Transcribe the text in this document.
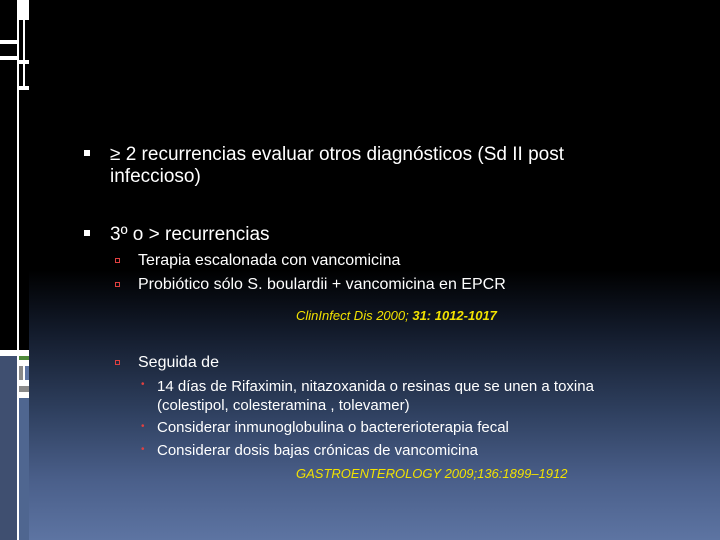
≥ 2 recurrencias evaluar otros diagnósticos (Sd II post
infeccioso)
3º o > recurrencias
Terapia escalonada con vancomicina
Probiótico sólo S. boulardii + vancomicina en EPCR
ClinInfect Dis 2000; 31: 1012-1017
Seguida de
• 14 días de Rifaximin, nitazoxanida o resinas que se unen a toxina
(colestipol, colesteramina , tolevamer)
• Considerar inmunoglobulina o bactererioterapia fecal
• Considerar dosis bajas crónicas de vancomicina
GASTROENTEROLOGY 2009;136:1899–1912
